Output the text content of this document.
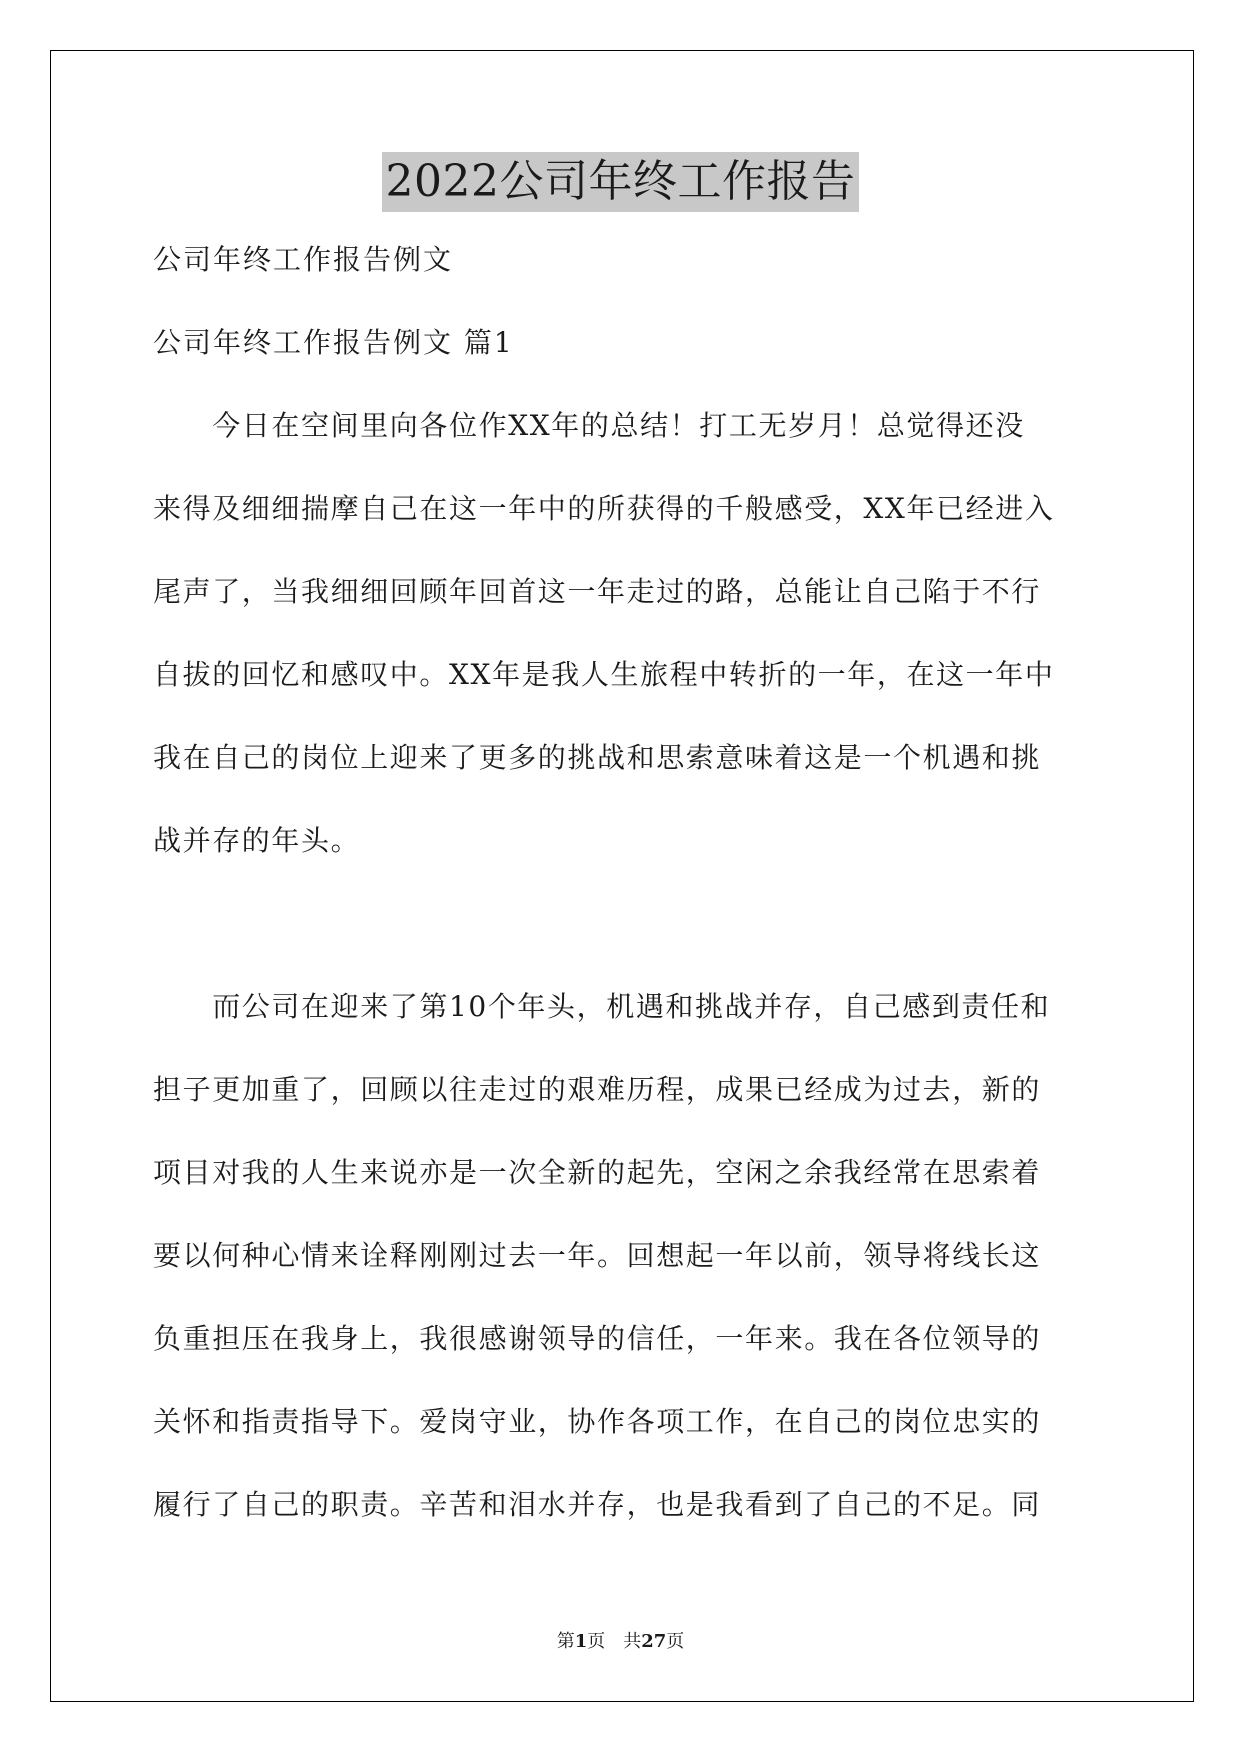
2022公司年终工作报告
公司年终工作报告例文
公司年终工作报告例文 篇1
　　今日在空间里向各位作XX年的总结！打工无岁月！总觉得还没
来得及细细揣摩自己在这一年中的所获得的千般感受，XX年已经进入
尾声了，当我细细回顾年回首这一年走过的路，总能让自己陷于不行
自拔的回忆和感叹中。XX年是我人生旅程中转折的一年，在这一年中
我在自己的岗位上迎来了更多的挑战和思索意味着这是一个机遇和挑
战并存的年头。
　　而公司在迎来了第10个年头，机遇和挑战并存，自己感到责任和
担子更加重了，回顾以往走过的艰难历程，成果已经成为过去，新的
项目对我的人生来说亦是一次全新的起先，空闲之余我经常在思索着
要以何种心情来诠释刚刚过去一年。回想起一年以前，领导将线长这
负重担压在我身上，我很感谢领导的信任，一年来。我在各位领导的
关怀和指责指导下。爱岗守业，协作各项工作，在自己的岗位忠实的
履行了自己的职责。辛苦和泪水并存，也是我看到了自己的不足。同
第1页　共27页
